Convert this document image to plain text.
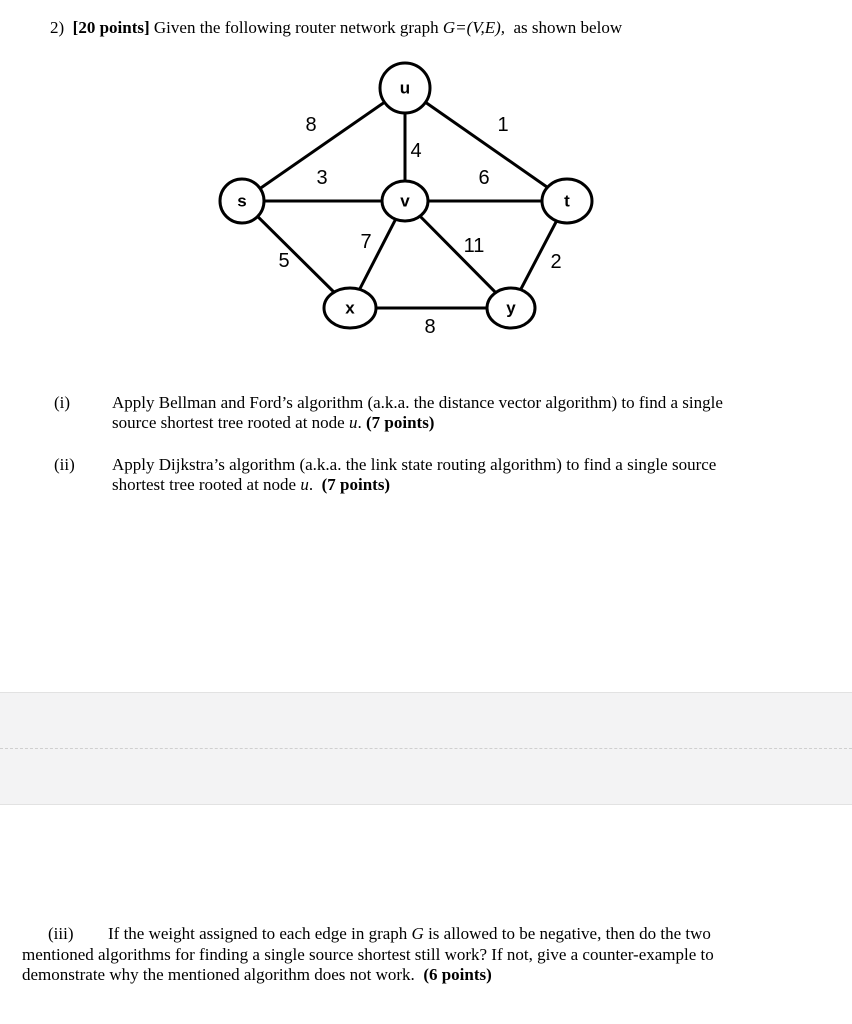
2) [20 points] Given the following router network graph G=(V,E), as shown below
8
4
1
3	6
5
7	11
2
8
u
s	v	t
x	y
(i) Apply Bellman and Ford’s algorithm (a.k.a. the distance vector algorithm) to find a single
source shortest tree rooted at node u. (7 points)
(ii) Apply Dijkstra’s algorithm (a.k.a. the link state routing algorithm) to find a single source
shortest tree rooted at node u. (7 points)
(iii) If the weight assigned to each edge in graph G is allowed to be negative, then do the two
mentioned algorithms for finding a single source shortest still work? If not, give a counter-example to
demonstrate why the mentioned algorithm does not work. (6 points)
